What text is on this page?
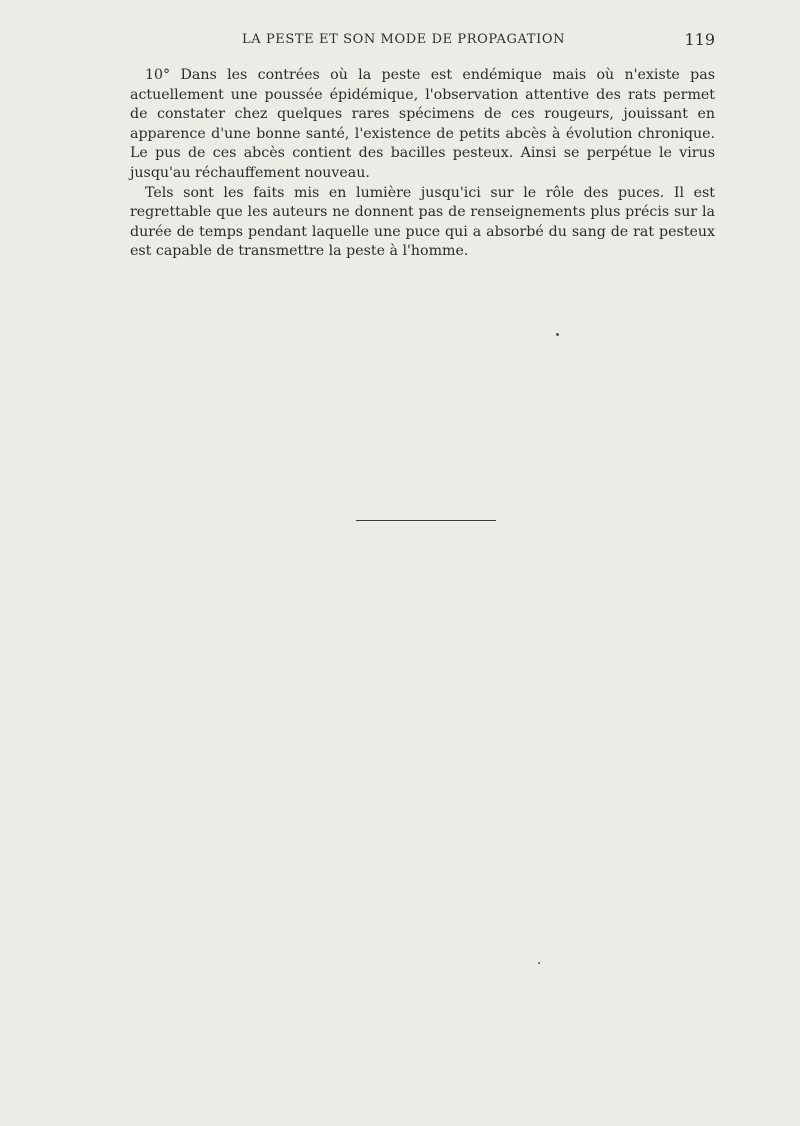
LA PESTE ET SON MODE DE PROPAGATION	119

10° Dans les contrées où la peste est endémique mais où n'existe pas actuellement une poussée épidémique, l'observation attentive des rats permet de constater chez quelques rares spécimens de ces rougeurs, jouissant en apparence d'une bonne santé, l'existence de petits abcès à évolution chronique. Le pus de ces abcès contient des bacilles pesteux. Ainsi se perpétue le virus jusqu'au réchauffement nouveau.

Tels sont les faits mis en lumière jusqu'ici sur le rôle des puces. Il est regrettable que les auteurs ne donnent pas de renseignements plus précis sur la durée de temps pendant laquelle une puce qui a absorbé du sang de rat pesteux est capable de transmettre la peste à l'homme.
